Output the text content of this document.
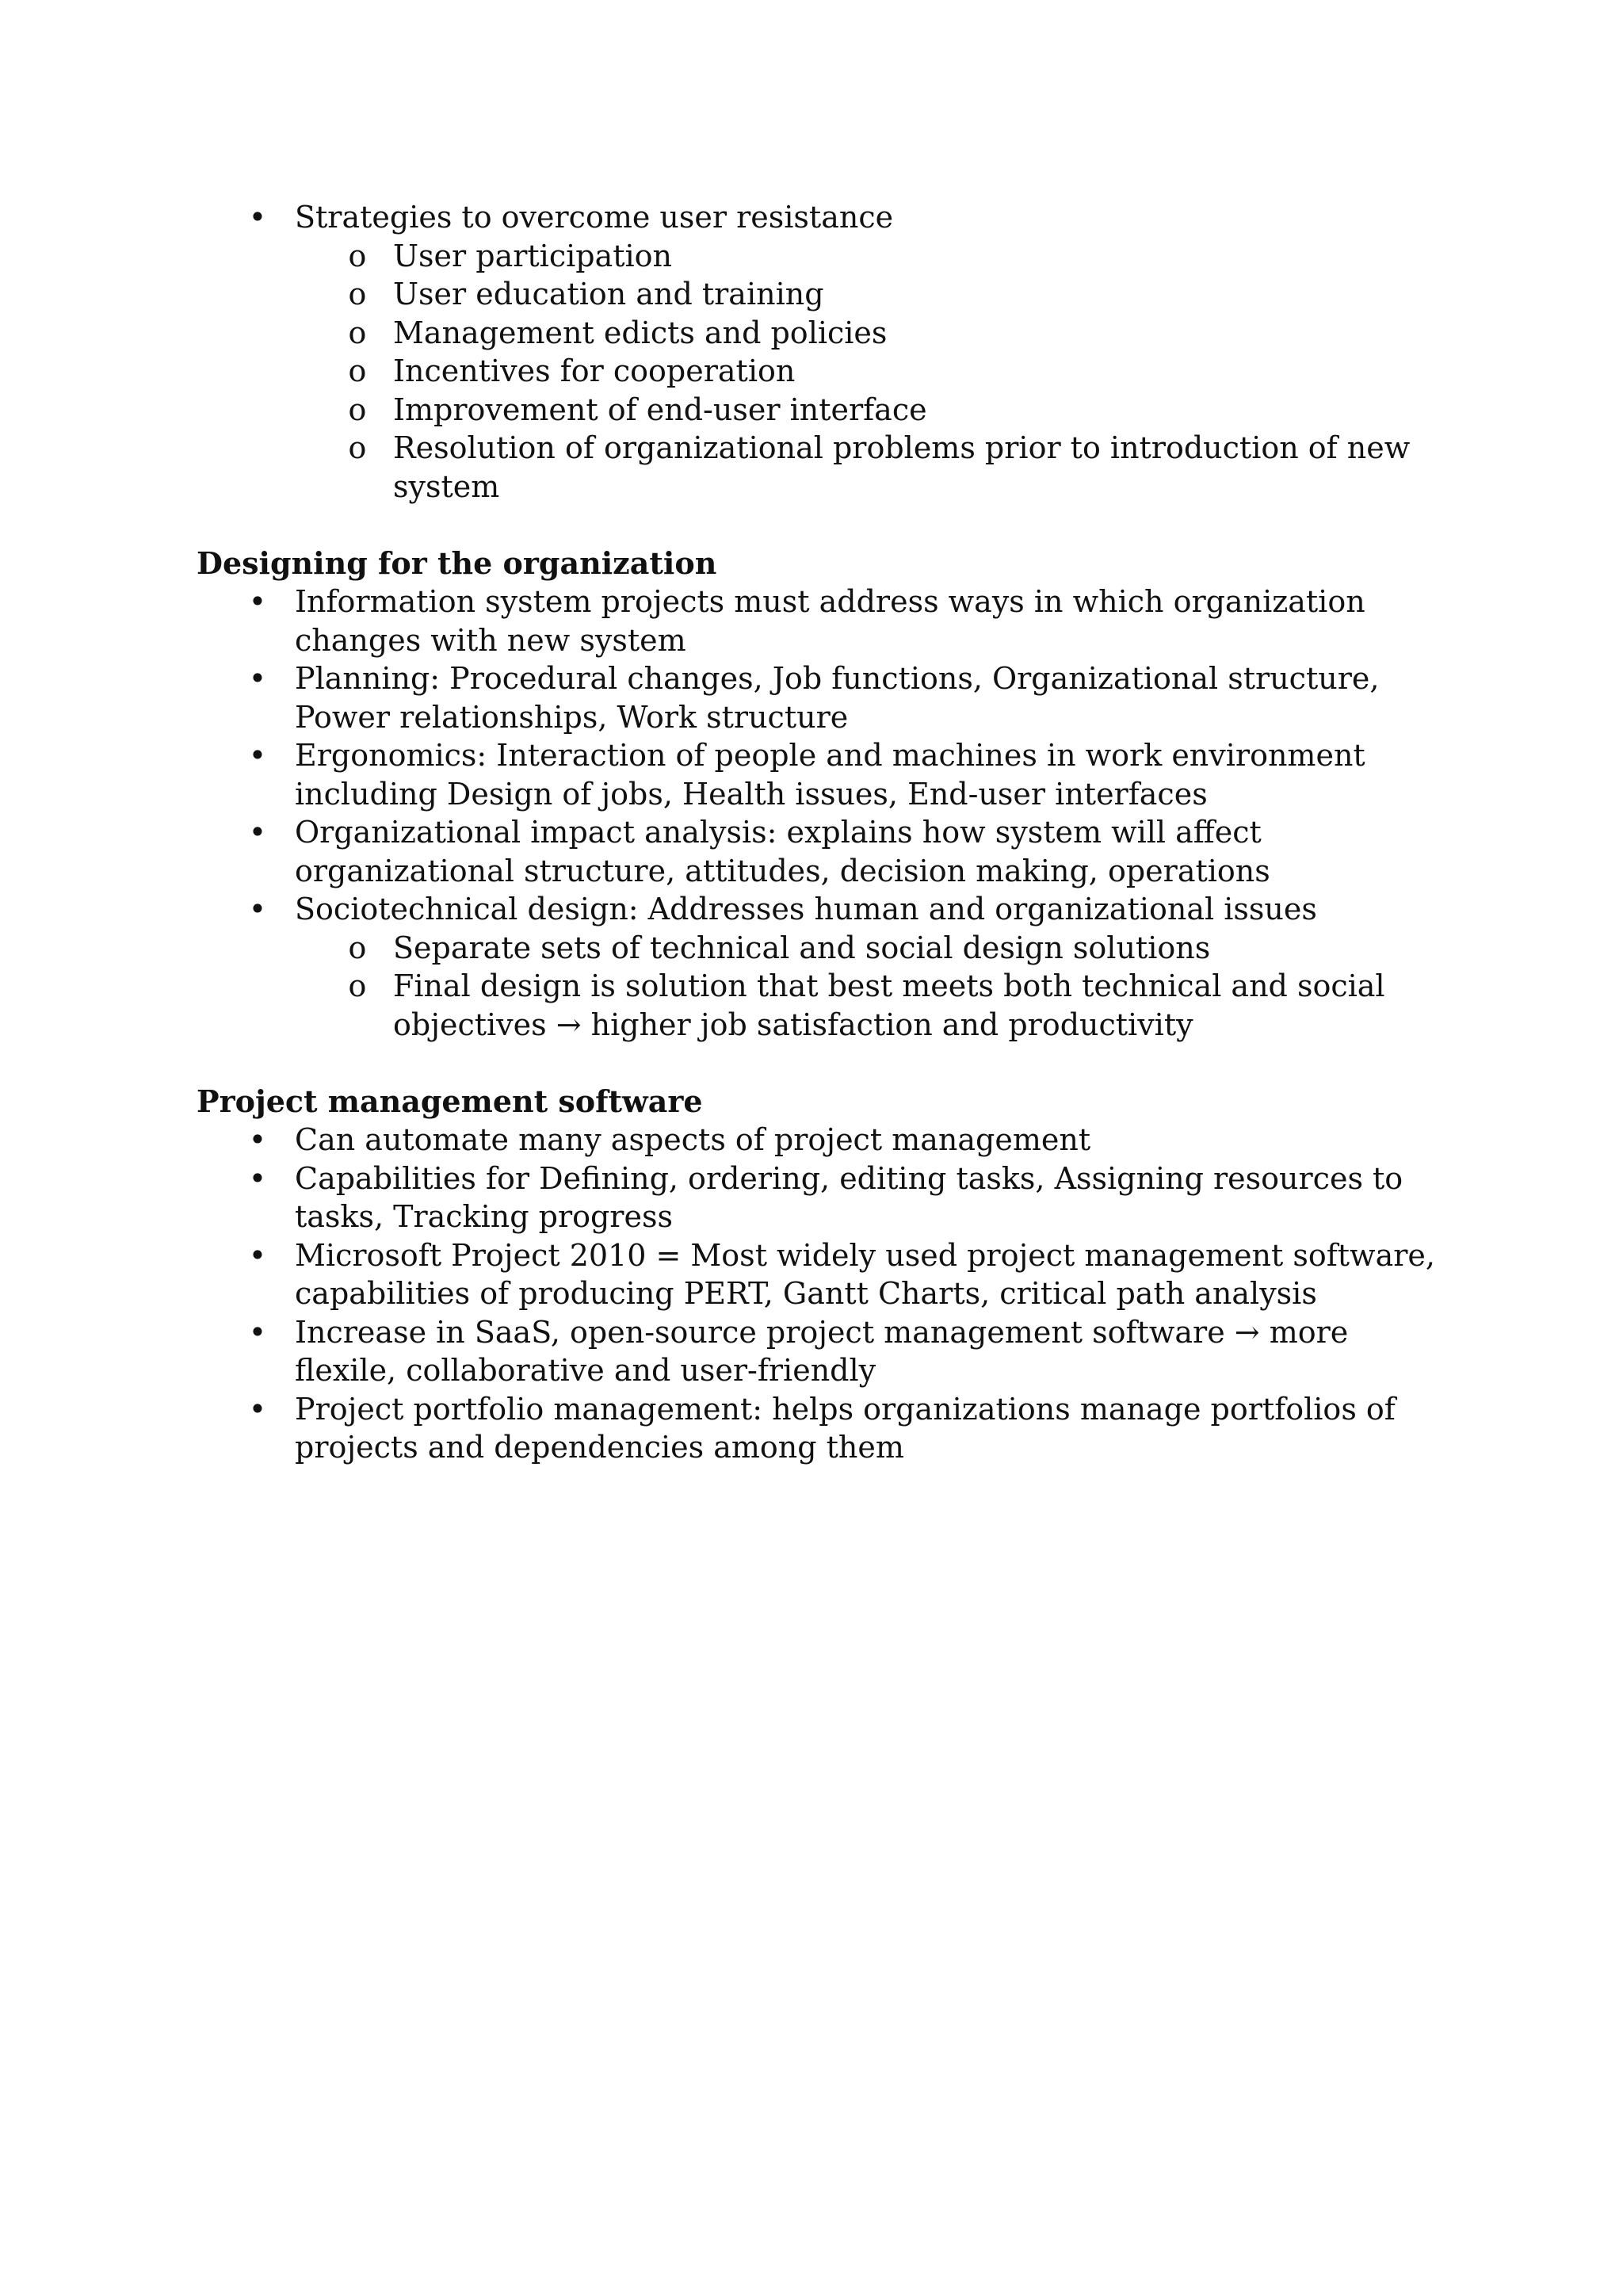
• Strategies to overcome user resistance
o User participation
o User education and training
o Management edicts and policies
o Incentives for cooperation
o Improvement of end-user interface
o Resolution of organizational problems prior to introduction of new system
Designing for the organization
• Information system projects must address ways in which organization changes with new system
• Planning: Procedural changes, Job functions, Organizational structure, Power relationships, Work structure
• Ergonomics: Interaction of people and machines in work environment including Design of jobs, Health issues, End-user interfaces
• Organizational impact analysis: explains how system will affect organizational structure, attitudes, decision making, operations
• Sociotechnical design: Addresses human and organizational issues
o Separate sets of technical and social design solutions
o Final design is solution that best meets both technical and social objectives → higher job satisfaction and productivity
Project management software
• Can automate many aspects of project management
• Capabilities for Defining, ordering, editing tasks, Assigning resources to tasks, Tracking progress
• Microsoft Project 2010 = Most widely used project management software, capabilities of producing PERT, Gantt Charts, critical path analysis
• Increase in SaaS, open-source project management software → more flexile, collaborative and user-friendly
• Project portfolio management: helps organizations manage portfolios of projects and dependencies among them
